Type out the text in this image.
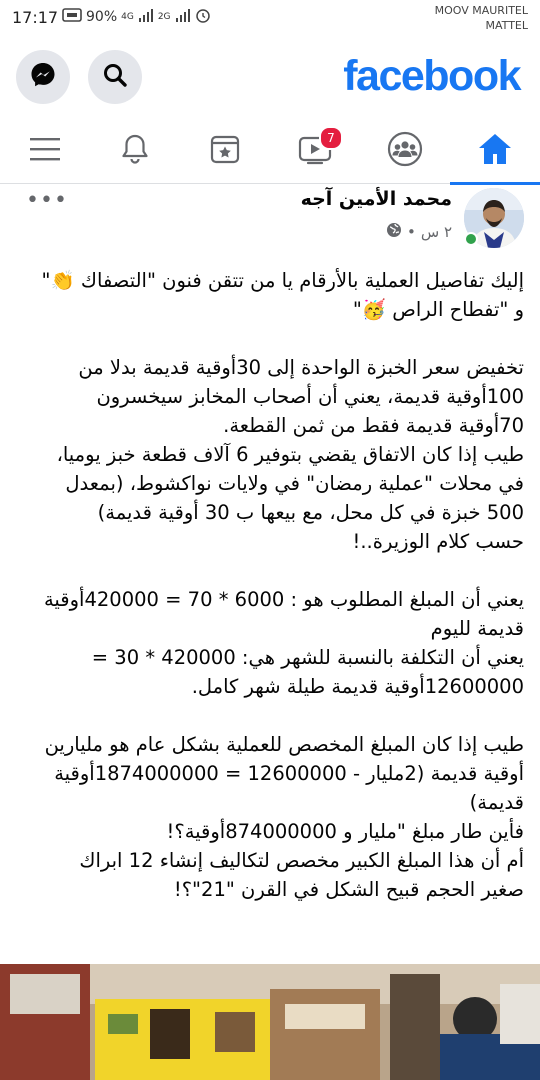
17:17 90% 4G	2G	MOOV MAURITEL
MATTEL
facebook
7
محمد الأمين آجه
٢ س
•
•••

إليك تفاصيل العملية بالأرقام يا من تتقن فنون "التصفاك 👏"
و "تفطاح الراص 🥳"

تخفيض سعر الخبزة الواحدة إلى 30أوقية قديمة بدلا من
100أوقية قديمة، يعني أن أصحاب المخابز سيخسرون
70أوقية قديمة فقط من ثمن القطعة.
طيب إذا كان الاتفاق يقضي بتوفير 6 آلاف قطعة خبز يوميا،
في محلات "عملية رمضان" في ولايات نواكشوط، (بمعدل
500 خبزة في كل محل، مع بيعها ب 30 أوقية قديمة)
حسب كلام الوزيرة..!

يعني أن المبلغ المطلوب هو : 6000 * 70 = 420000أوقية
قديمة لليوم
يعني أن التكلفة بالنسبة للشهر هي: 420000 * 30 =
12600000أوقية قديمة طيلة شهر كامل.

طيب إذا كان المبلغ المخصص للعملية بشكل عام هو مليارين
أوقية قديمة (2مليار - 12600000 = 1874000000أوقية
قديمة)
فأين طار مبلغ "مليار و 874000000أوقية؟!
أم أن هذا المبلغ الكبير مخصص لتكاليف إنشاء 12 ابراك
صغير الحجم قبيح الشكل في القرن "21"؟!
